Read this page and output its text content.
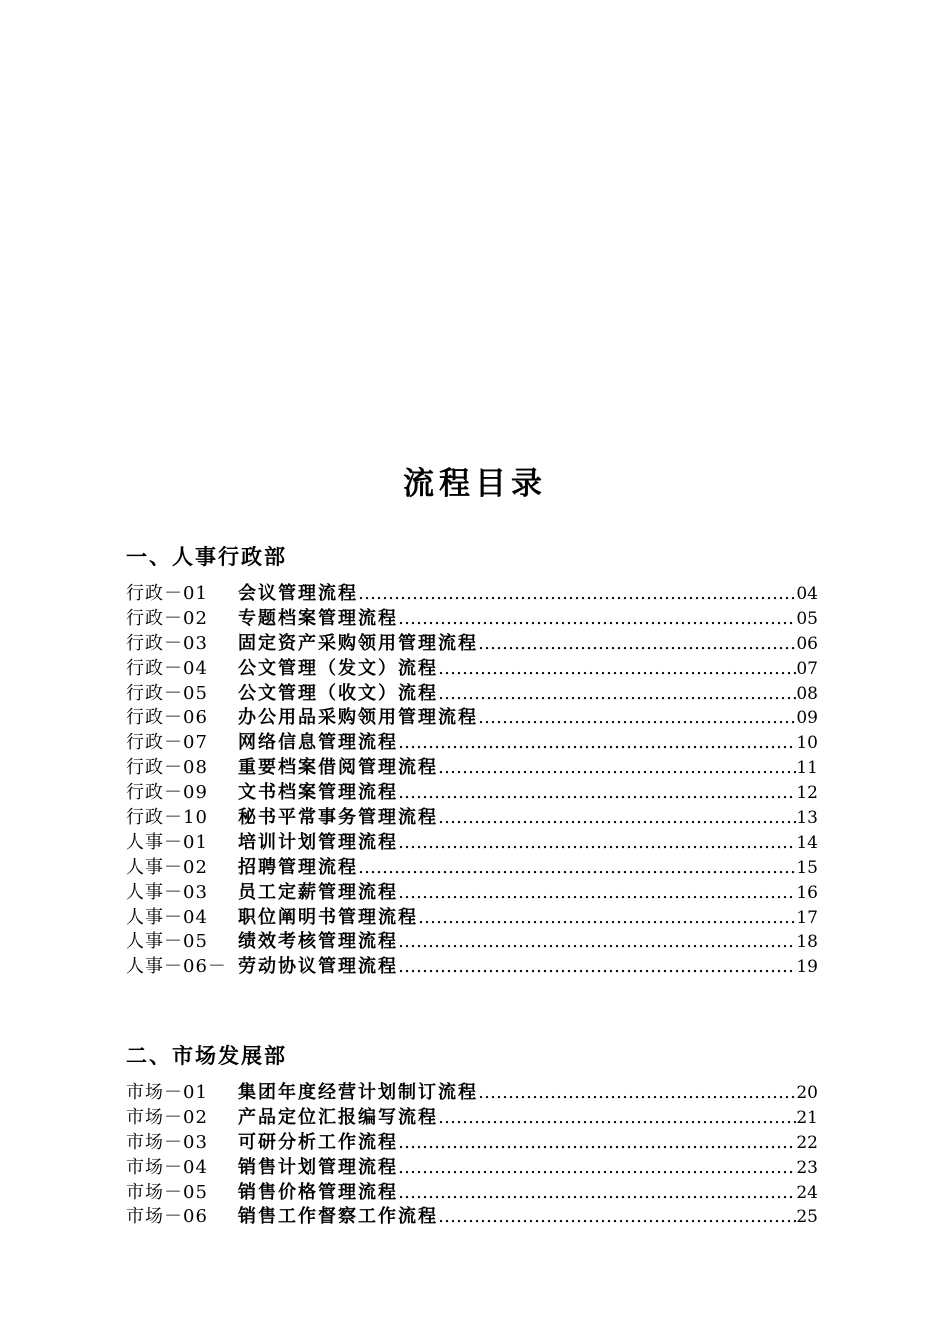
流程目录
一、人事行政部
行政－01	会议管理流程 …………………………………………………………………………………………………………………………………………………………	04
行政－02	专题档案管理流程 …………………………………………………………………………………………………………………………………………………………	05
行政－03	固定资产采购领用管理流程 …………………………………………………………………………………………………………………………………………………………	06
行政－04	公文管理（发文）流程 …………………………………………………………………………………………………………………………………………………………	07
行政－05	公文管理（收文）流程 …………………………………………………………………………………………………………………………………………………………	08
行政－06	办公用品采购领用管理流程 …………………………………………………………………………………………………………………………………………………………	09
行政－07	网络信息管理流程 …………………………………………………………………………………………………………………………………………………………	10
行政－08	重要档案借阅管理流程 …………………………………………………………………………………………………………………………………………………………	11
行政－09	文书档案管理流程 …………………………………………………………………………………………………………………………………………………………	12
行政－10	秘书平常事务管理流程 …………………………………………………………………………………………………………………………………………………………	13
人事－01	培训计划管理流程 …………………………………………………………………………………………………………………………………………………………	14
人事－02	招聘管理流程 …………………………………………………………………………………………………………………………………………………………	15
人事－03	员工定薪管理流程 …………………………………………………………………………………………………………………………………………………………	16
人事－04	职位阐明书管理流程 …………………………………………………………………………………………………………………………………………………………	17
人事－05	绩效考核管理流程 …………………………………………………………………………………………………………………………………………………………	18
人事－06－ 劳动协议管理流程 …………………………………………………………………………………………………………………………………………………………	19
二、市场发展部
市场－01	集团年度经营计划制订流程 …………………………………………………………………………………………………………………………………………………………	20
市场－02	产品定位汇报编写流程 …………………………………………………………………………………………………………………………………………………………	21
市场－03	可研分析工作流程 …………………………………………………………………………………………………………………………………………………………	22
市场－04	销售计划管理流程 …………………………………………………………………………………………………………………………………………………………	23
市场－05	销售价格管理流程 …………………………………………………………………………………………………………………………………………………………	24
市场－06	销售工作督察工作流程 …………………………………………………………………………………………………………………………………………………………	25
